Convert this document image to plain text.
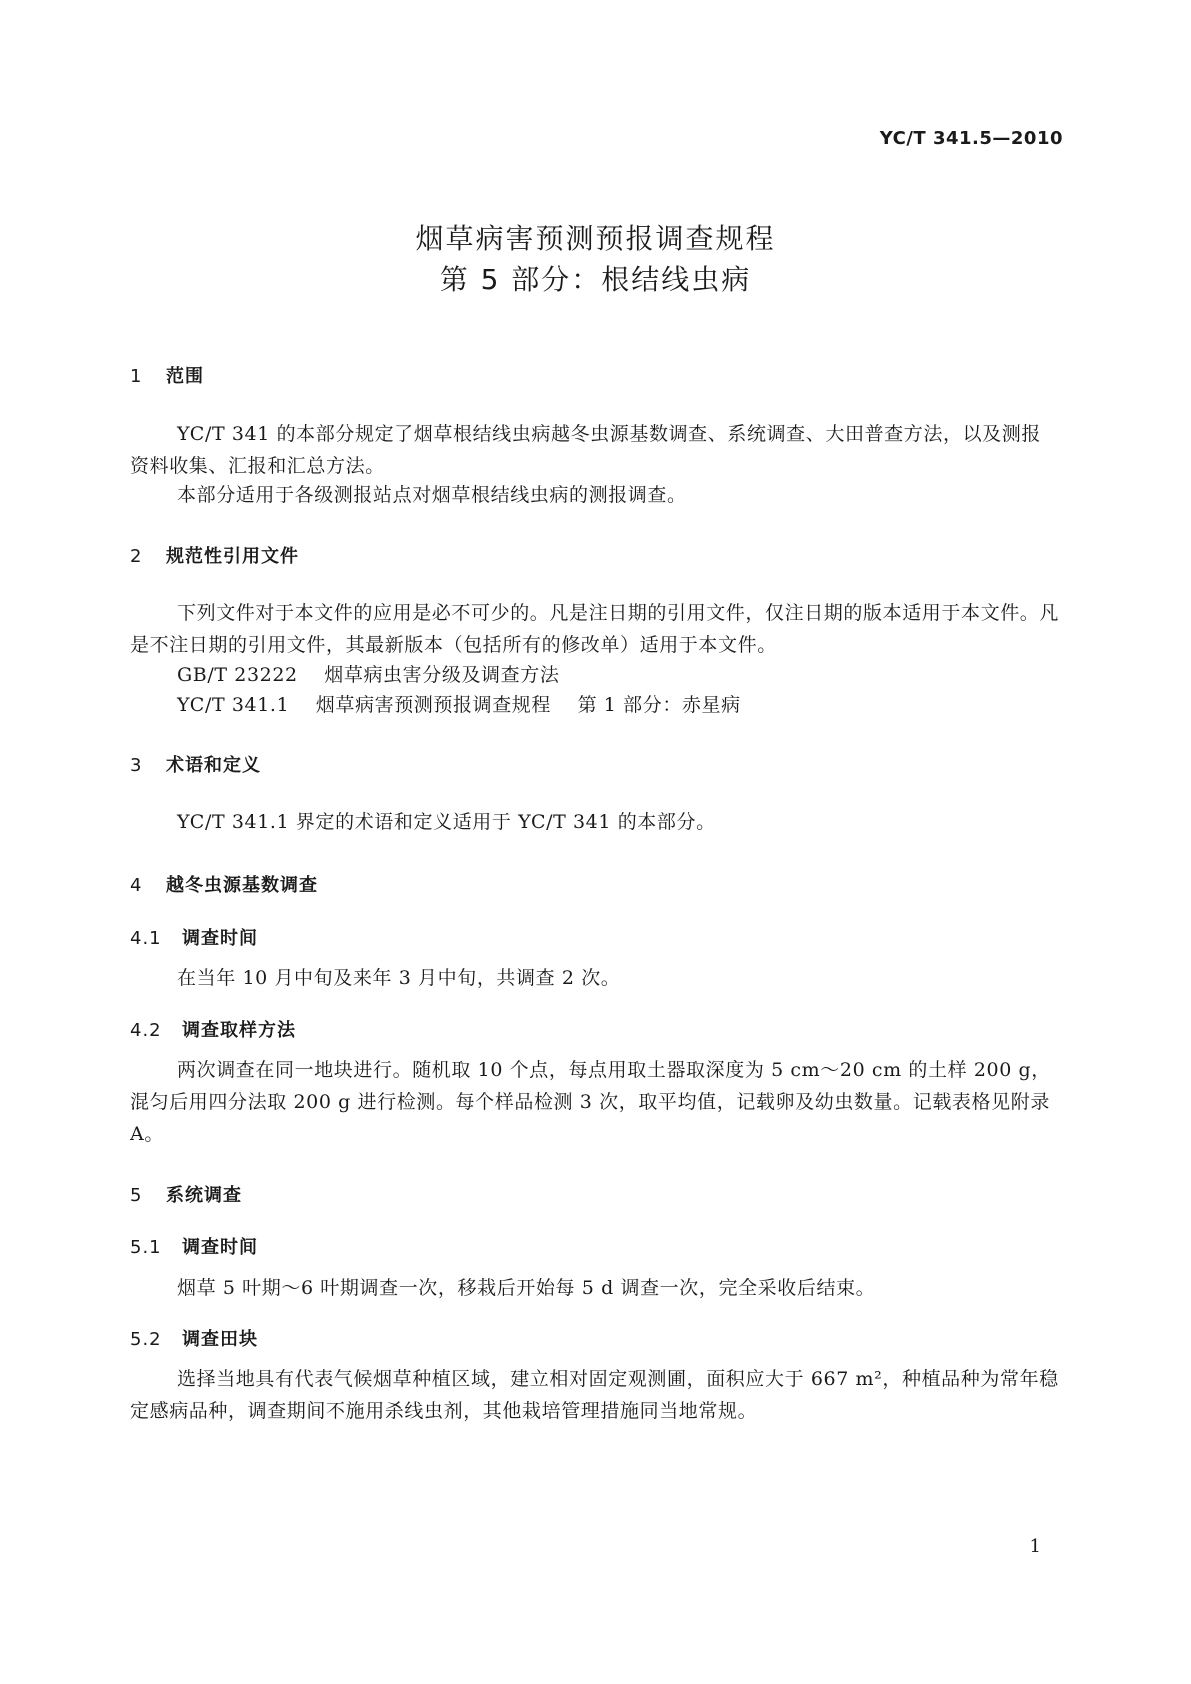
YC/T 341.5—2010
烟草病害预测预报调查规程
第 5 部分：根结线虫病
1 范围

YC/T 341 的本部分规定了烟草根结线虫病越冬虫源基数调查、系统调查、大田普查方法，以及测报资料收集、汇报和汇总方法。

本部分适用于各级测报站点对烟草根结线虫病的测报调查。

2 规范性引用文件

下列文件对于本文件的应用是必不可少的。凡是注日期的引用文件，仅注日期的版本适用于本文件。凡是不注日期的引用文件，其最新版本（包括所有的修改单）适用于本文件。

GB/T 23222    烟草病虫害分级及调查方法
YC/T 341.1    烟草病害预测预报调查规程    第 1 部分：赤星病
3 术语和定义

YC/T 341.1 界定的术语和定义适用于 YC/T 341 的本部分。

4 越冬虫源基数调查
4.1 调查时间

在当年 10 月中旬及来年 3 月中旬，共调查 2 次。

4.2 调查取样方法

两次调查在同一地块进行。随机取 10 个点，每点用取土器取深度为 5 cm～20 cm 的土样 200 g，混匀后用四分法取 200 g 进行检测。每个样品检测 3 次，取平均值，记载卵及幼虫数量。记载表格见附录 A。

5 系统调查
5.1 调查时间

烟草 5 叶期～6 叶期调查一次，移栽后开始每 5 d 调查一次，完全采收后结束。

5.2 调查田块

选择当地具有代表气候烟草种植区域，建立相对固定观测圃，面积应大于 667 m²，种植品种为常年稳定感病品种，调查期间不施用杀线虫剂，其他栽培管理措施同当地常规。

1
